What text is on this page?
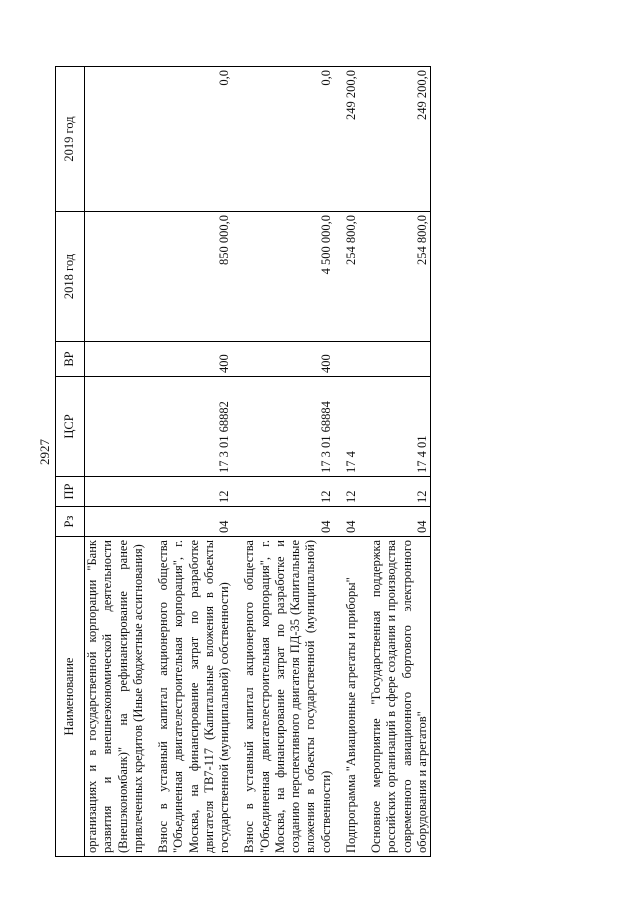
2927
Наименование	Рз	ПР	ЦСР	ВР	2018 год	2019 год
организациях и в государственной корпорации "Банк развития и внешнеэкономической деятельности (Внешэкономбанк)" на рефинансирование ранее привлеченных кредитов (Иные бюджетные ассигнования)						
Взнос в уставный капитал акционерного общества "Объединенная двигателестроительная корпорация", г. Москва, на финансирование затрат по разработке двигателя ТВ7-117 (Капитальные вложения в объекты государственной (муниципальной) собственности)	04	12	17 3 01 68882	400	850 000,0	0,0
Взнос в уставный капитал акционерного общества "Объединенная двигателестроительная корпорация", г. Москва, на финансирование затрат по разработке и созданию перспективного двигателя ПД-35 (Капитальные вложения в объекты государственной (муниципальной) собственности)	04	12	17 3 01 68884	400	4 500 000,0	0,0
Подпрограмма "Авиационные агрегаты и приборы"	04	12	17 4		254 800,0	249 200,0
Основное мероприятие "Государственная поддержка российских организаций в сфере создания и производства современного авиационного бортового электронного оборудования и агрегатов"	04	12	17 4 01		254 800,0	249 200,0
